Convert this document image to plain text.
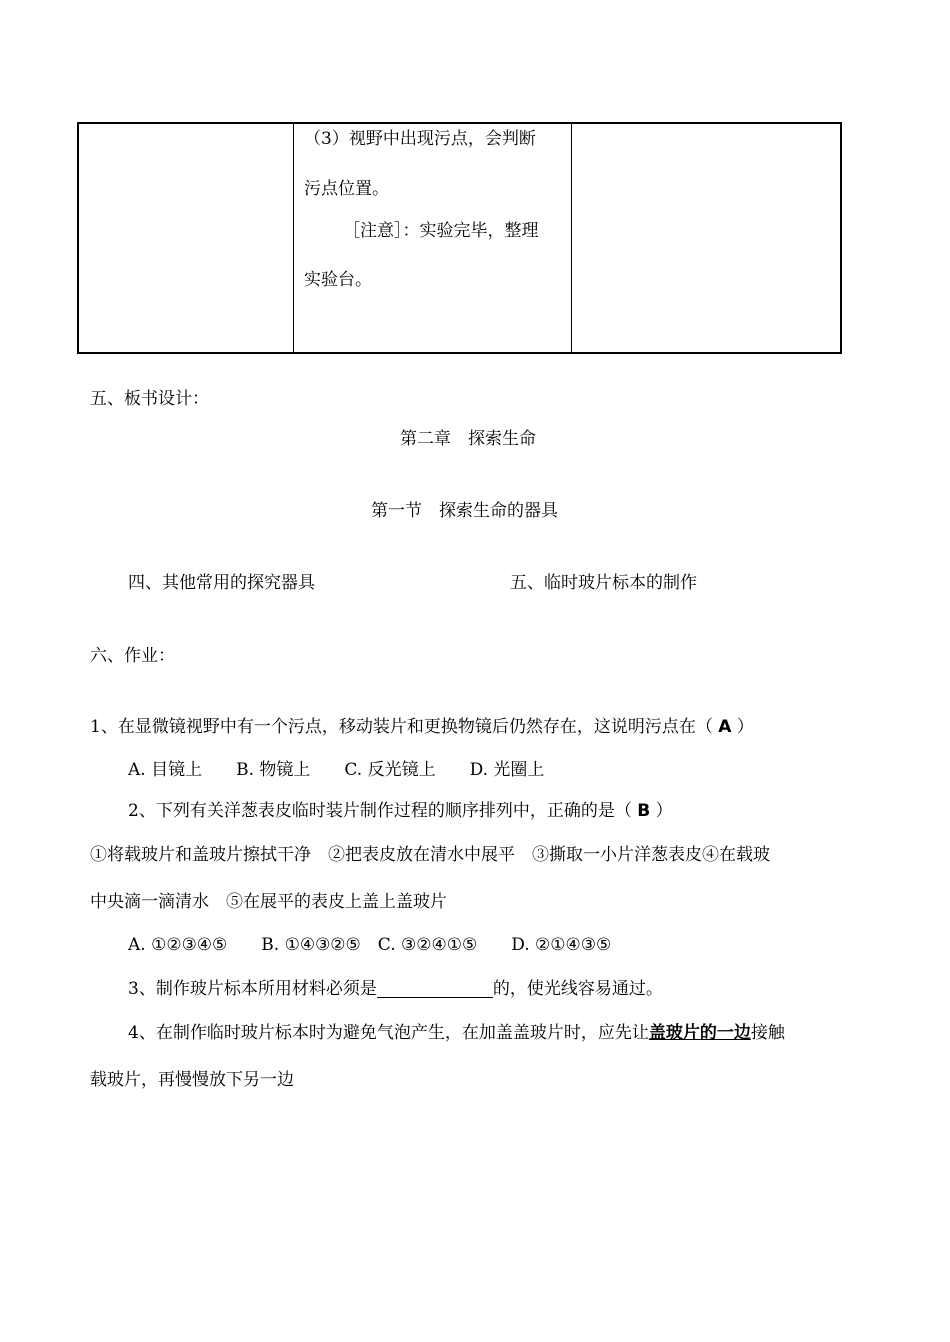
（3）视野中出现污点，会判断
污点位置。
［注意］：实验完毕，整理
实验台。
五、板书设计：
第二章　探索生命
第一节　探索生命的器具
四、其他常用的探究器具	五、临时玻片标本的制作
六、作业：
1、在显微镜视野中有一个污点，移动装片和更换物镜后仍然存在，这说明污点在（ A ）
A. 目镜上　　B. 物镜上　　C. 反光镜上　　D. 光圈上
2、下列有关洋葱表皮临时装片制作过程的顺序排列中，正确的是（ B ）
①将载玻片和盖玻片擦拭干净　②把表皮放在清水中展平　③撕取一小片洋葱表皮④在载玻
中央滴一滴清水　⑤在展平的表皮上盖上盖玻片
A. ①②③④⑤　　B. ①④③②⑤　C. ③②④①⑤　　D. ②①④③⑤
3、制作玻片标本所用材料必须是	的，使光线容易通过。
4、在制作临时玻片标本时为避免气泡产生，在加盖盖玻片时，应先让盖玻片的一边接触
载玻片，再慢慢放下另一边
